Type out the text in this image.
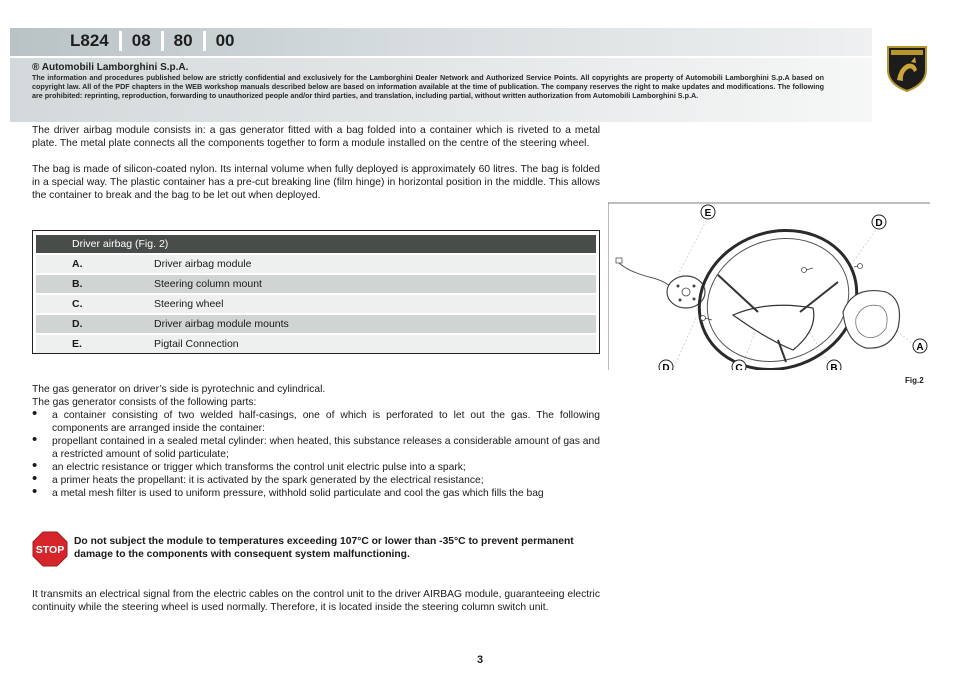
L824	08	80	00
® Automobili Lamborghini S.p.A.
The information and procedures published below are strictly confidential and exclusively for the Lamborghini Dealer Network and Authorized Service Points. All copyrights are property of Automobili Lamborghini S.p.A based on copyright law. All of the PDF chapters in the WEB workshop manuals described below are based on information available at the time of publication. The company reserves the right to make updates and modifications. The following are prohibited: reprinting, reproduction, forwarding to unauthorized people and/or third parties, and translation, including partial, without written authorization from Automobili Lamborghini S.p.A.

The driver airbag module consists in: a gas generator fitted with a bag folded into a container which is riveted to a metal plate. The metal plate connects all the components together to form a module installed on the centre of the steering wheel.

The bag is made of silicon-coated nylon. Its internal volume when fully deployed is approximately 60 litres. The bag is folded in a special way. The plastic container has a pre-cut breaking line (film hinge) in horizontal position in the middle. This allows the container to break and the bag to be let out when deployed.

Driver airbag (Fig. 2)
A.	Driver airbag module
B.	Steering column mount
C.	Steering wheel
D.	Driver airbag module mounts
E.	Pigtail Connection
E
D
A
D	C	B
Fig.2
The gas generator on driver’s side is pyrotechnic and cylindrical.
The gas generator consists of the following parts:
• a container consisting of two welded half-casings, one of which is perforated to let out the gas. The following components are arranged inside the container:
• propellant contained in a sealed metal cylinder: when heated, this substance releases a considerable amount of gas and a restricted amount of solid particulate;
• an electric resistance or trigger which transforms the control unit electric pulse into a spark;
• a primer heats the propellant: it is activated by the spark generated by the electrical resistance;
• a metal mesh filter is used to uniform pressure, withhold solid particulate and cool the gas which fills the bag
STOP

Do not subject the module to temperatures exceeding 107°C or lower than -35°C to prevent permanent damage to the components with consequent system malfunctioning.

It transmits an electrical signal from the electric cables on the control unit to the driver AIRBAG module, guaranteeing electric continuity while the steering wheel is used normally. Therefore, it is located inside the steering column switch unit.

3
